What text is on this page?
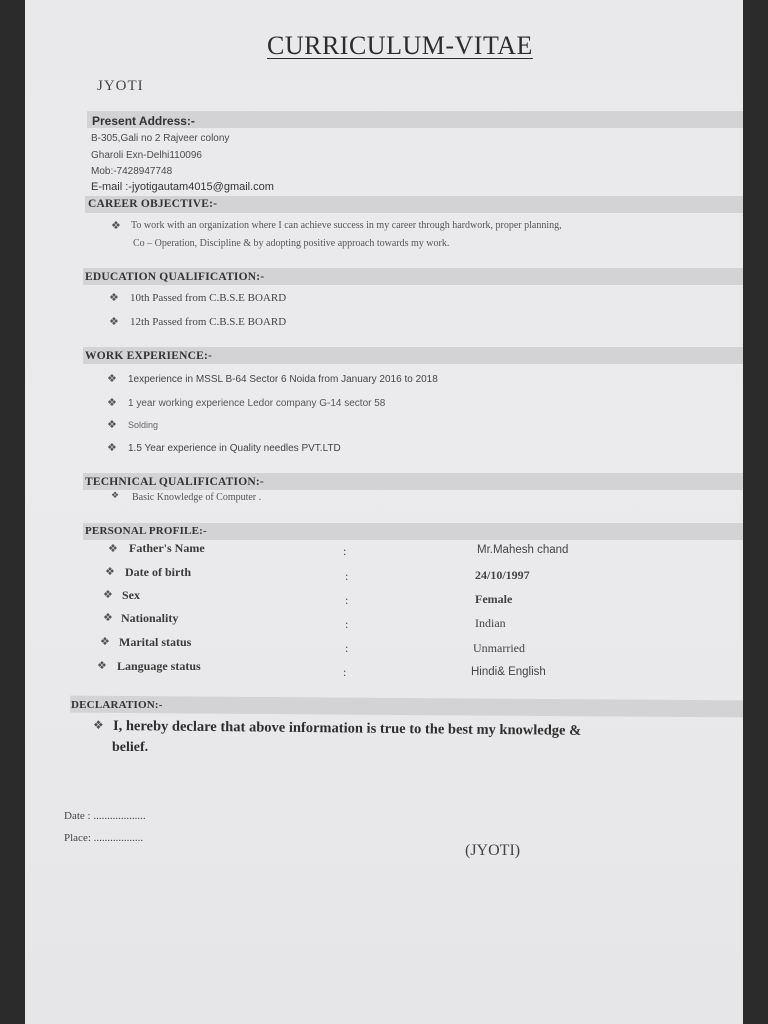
CURRICULUM-VITAE
JYOTI
Present Address:-
B-305,Gali no 2 Rajveer colony
Gharoli Exn-Delhi110096
Mob:-7428947748
E-mail :-jyotigautam4015@gmail.com
CAREER OBJECTIVE:-
❖ To work with an organization where I can achieve success in my career through hardwork, proper planning,
Co – Operation, Discipline & by adopting positive approach towards my work.
EDUCATION QUALIFICATION:-
❖ 10th Passed from C.B.S.E BOARD
❖ 12th Passed from C.B.S.E BOARD
WORK EXPERIENCE:-
❖ 1experience in MSSL B-64 Sector 6 Noida from January 2016 to 2018
❖ 1 year working experience Ledor company G-14 sector 58
❖ Solding
❖ 1.5 Year experience in Quality needles PVT.LTD
TECHNICAL QUALIFICATION:-
❖ Basic Knowledge of Computer .
PERSONAL PROFILE:-
❖ Father's Name	:	Mr.Mahesh chand
❖ Date of birth	:	24/10/1997
❖ Sex	:	Female
❖ Nationality	:	Indian
❖ Marital status	:	Unmarried
❖ Language status	:	Hindi& English
DECLARATION:-
❖ I, hereby declare that above information is true to the best my knowledge &
belief.
Date : ...................
Place: ..................
(JYOTI)
